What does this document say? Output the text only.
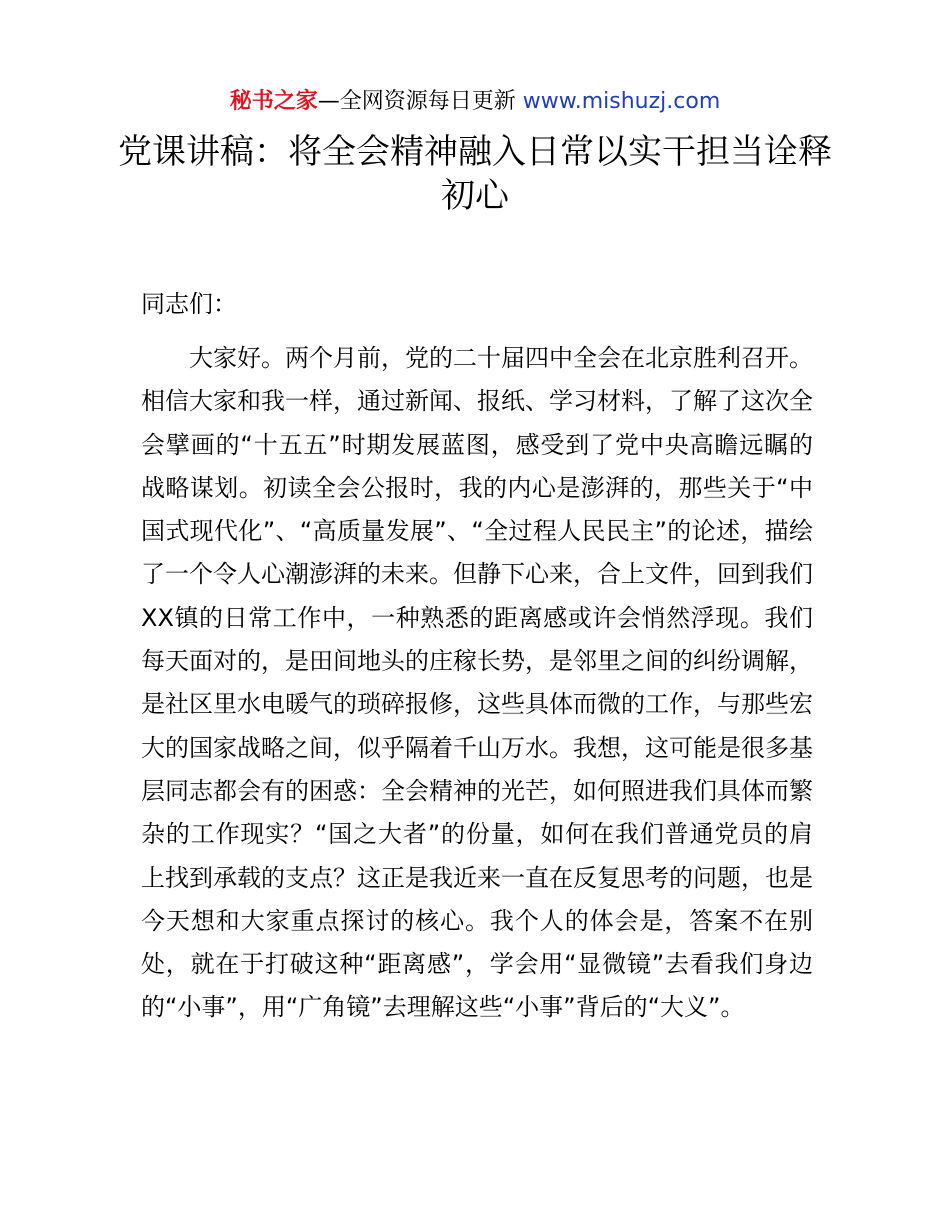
秘书之家—全网资源每日更新 www.mishuzj.com
党课讲稿：将全会精神融入日常以实干担当诠释初心

同志们：

大家好。两个月前，党的二十届四中全会在北京胜利召开。相信大家和我一样，通过新闻、报纸、学习材料，了解了这次全会擘画的“十五五”时期发展蓝图，感受到了党中央高瞻远瞩的战略谋划。初读全会公报时，我的内心是澎湃的，那些关于“中国式现代化”、“高质量发展”、“全过程人民民主”的论述，描绘了一个令人心潮澎湃的未来。但静下心来，合上文件，回到我们XX镇的日常工作中，一种熟悉的距离感或许会悄然浮现。我们每天面对的，是田间地头的庄稼长势，是邻里之间的纠纷调解，是社区里水电暖气的琐碎报修，这些具体而微的工作，与那些宏大的国家战略之间，似乎隔着千山万水。我想，这可能是很多基层同志都会有的困惑：全会精神的光芒，如何照进我们具体而繁杂的工作现实？“国之大者”的份量，如何在我们普通党员的肩上找到承载的支点？这正是我近来一直在反复思考的问题，也是今天想和大家重点探讨的核心。我个人的体会是，答案不在别处，就在于打破这种“距离感”，学会用“显微镜”去看我们身边的“小事”，用“广角镜”去理解这些“小事”背后的“大义”。
